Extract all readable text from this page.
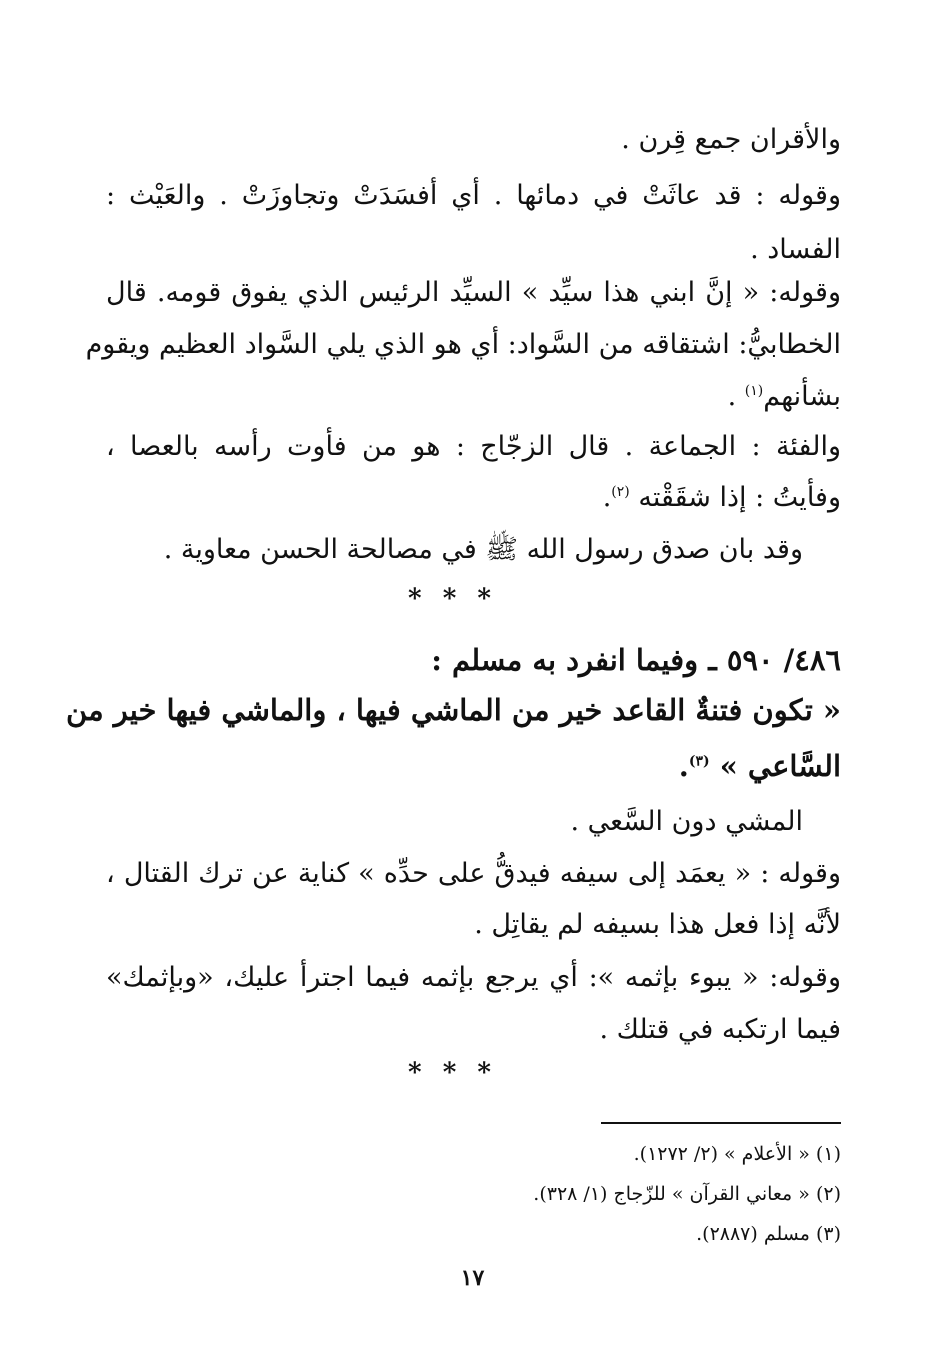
والأقران جمع قِرن .
وقوله : قد عاثَتْ في دمائها . أي أفسَدَتْ وتجاوزَتْ . والعَيْث :
الفساد .
وقوله: « إنَّ ابني هذا سيِّد » السيِّد الرئيس الذي يفوق قومه. قال
الخطابيُّ: اشتقاقه من السَّواد: أي هو الذي يلي السَّواد العظيم ويقوم
بشأنهم$^{(١)}$ .
والفئة : الجماعة . قال الزجّاج : هو من فأوت رأسه بالعصا ،
وفأيتُ : إذا شقَقْته $^{(٢)}$.
وقد بان صدق رسول الله ﷺ في مصالحة الحسن معاوية .
* * *
٤٨٦/ ٥٩٠ ـ وفيما انفرد به مسلم :
« تكون فتنةٌ القاعد خير من الماشي فيها ، والماشي فيها خير من
السَّاعي » $^{(٣)}$.
المشي دون السَّعي .
وقوله : « يعمَد إلى سيفه فيدقُّ على حدِّه » كناية عن ترك القتال ،
لأنَّه إذا فعل هذا بسيفه لم يقاتِل .
وقوله: « يبوء بإثمه »: أي يرجع بإثمه فيما اجترأ عليك، «وبإثمك»
فيما ارتكبه في قتلك .
* * *
(١) « الأعلام » (٢/ ١٢٧٢).
(٢) « معاني القرآن » للزّجاج (١/ ٣٢٨).
(٣) مسلم (٢٨٨٧).
١٧
